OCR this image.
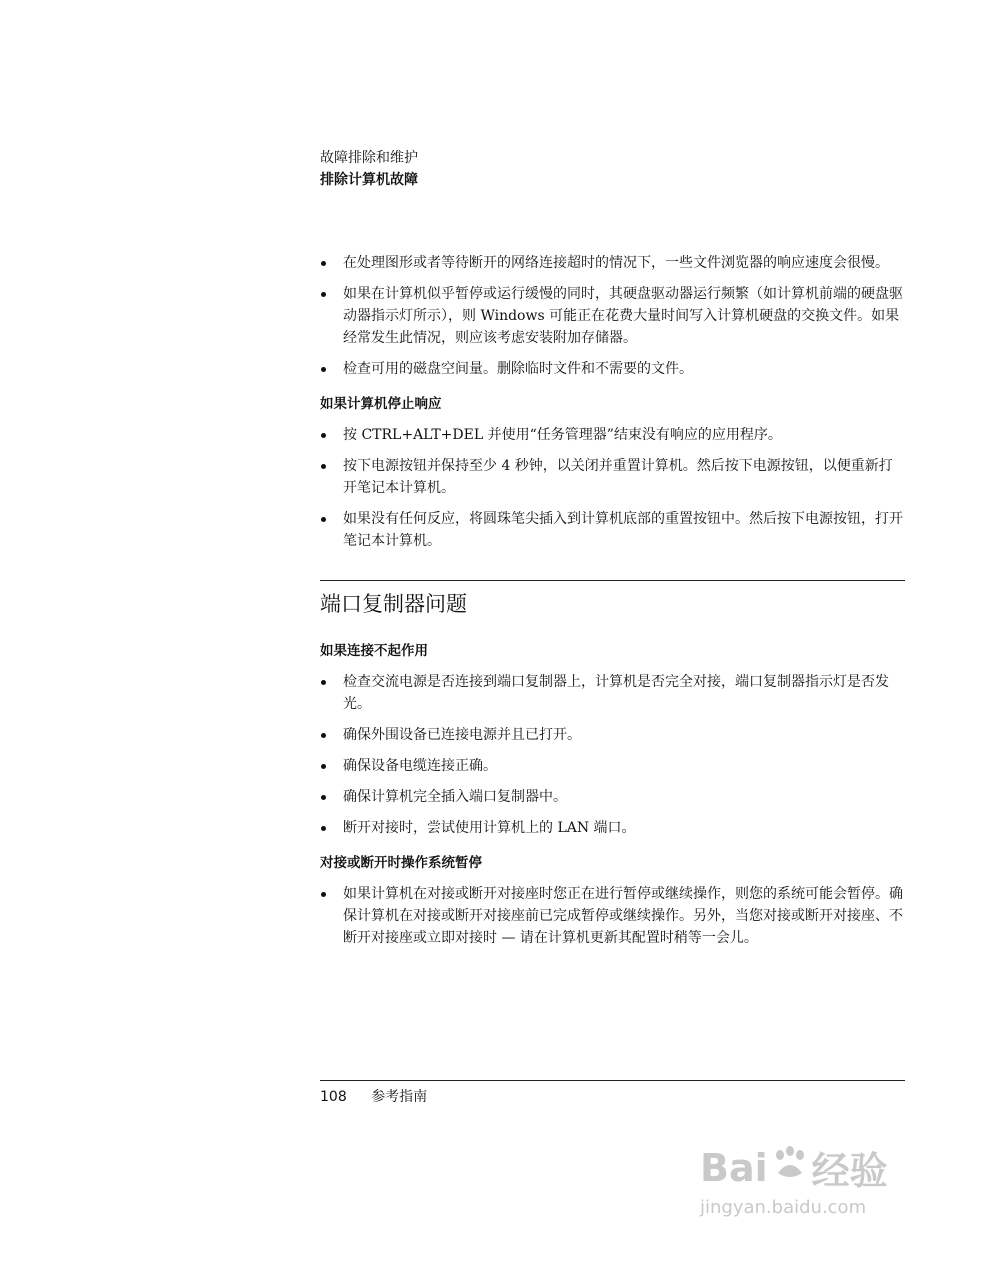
故障排除和维护
排除计算机故障
在处理图形或者等待断开的网络连接超时的情况下，一些文件浏览器的响应速度会很慢。
如果在计算机似乎暂停或运行缓慢的同时，其硬盘驱动器运行频繁（如计算机前端的硬盘驱动器指示灯所示），则 Windows 可能正在花费大量时间写入计算机硬盘的交换文件。如果经常发生此情况，则应该考虑安装附加存储器。
检查可用的磁盘空间量。删除临时文件和不需要的文件。
如果计算机停止响应
按 CTRL+ALT+DEL 并使用“任务管理器”结束没有响应的应用程序。
按下电源按钮并保持至少 4 秒钟，以关闭并重置计算机。然后按下电源按钮，以便重新打开笔记本计算机。
如果没有任何反应，将圆珠笔尖插入到计算机底部的重置按钮中。然后按下电源按钮，打开笔记本计算机。
端口复制器问题
如果连接不起作用
检查交流电源是否连接到端口复制器上，计算机是否完全对接，端口复制器指示灯是否发光。
确保外围设备已连接电源并且已打开。
确保设备电缆连接正确。
确保计算机完全插入端口复制器中。
断开对接时，尝试使用计算机上的 LAN 端口。
对接或断开时操作系统暂停
如果计算机在对接或断开对接座时您正在进行暂停或继续操作，则您的系统可能会暂停。确保计算机在对接或断开对接座前已完成暂停或继续操作。另外，当您对接或断开对接座、不断开对接座或立即对接时 — 请在计算机更新其配置时稍等一会儿。
108 参考指南
Bai 经验
jingyan.baidu.com
